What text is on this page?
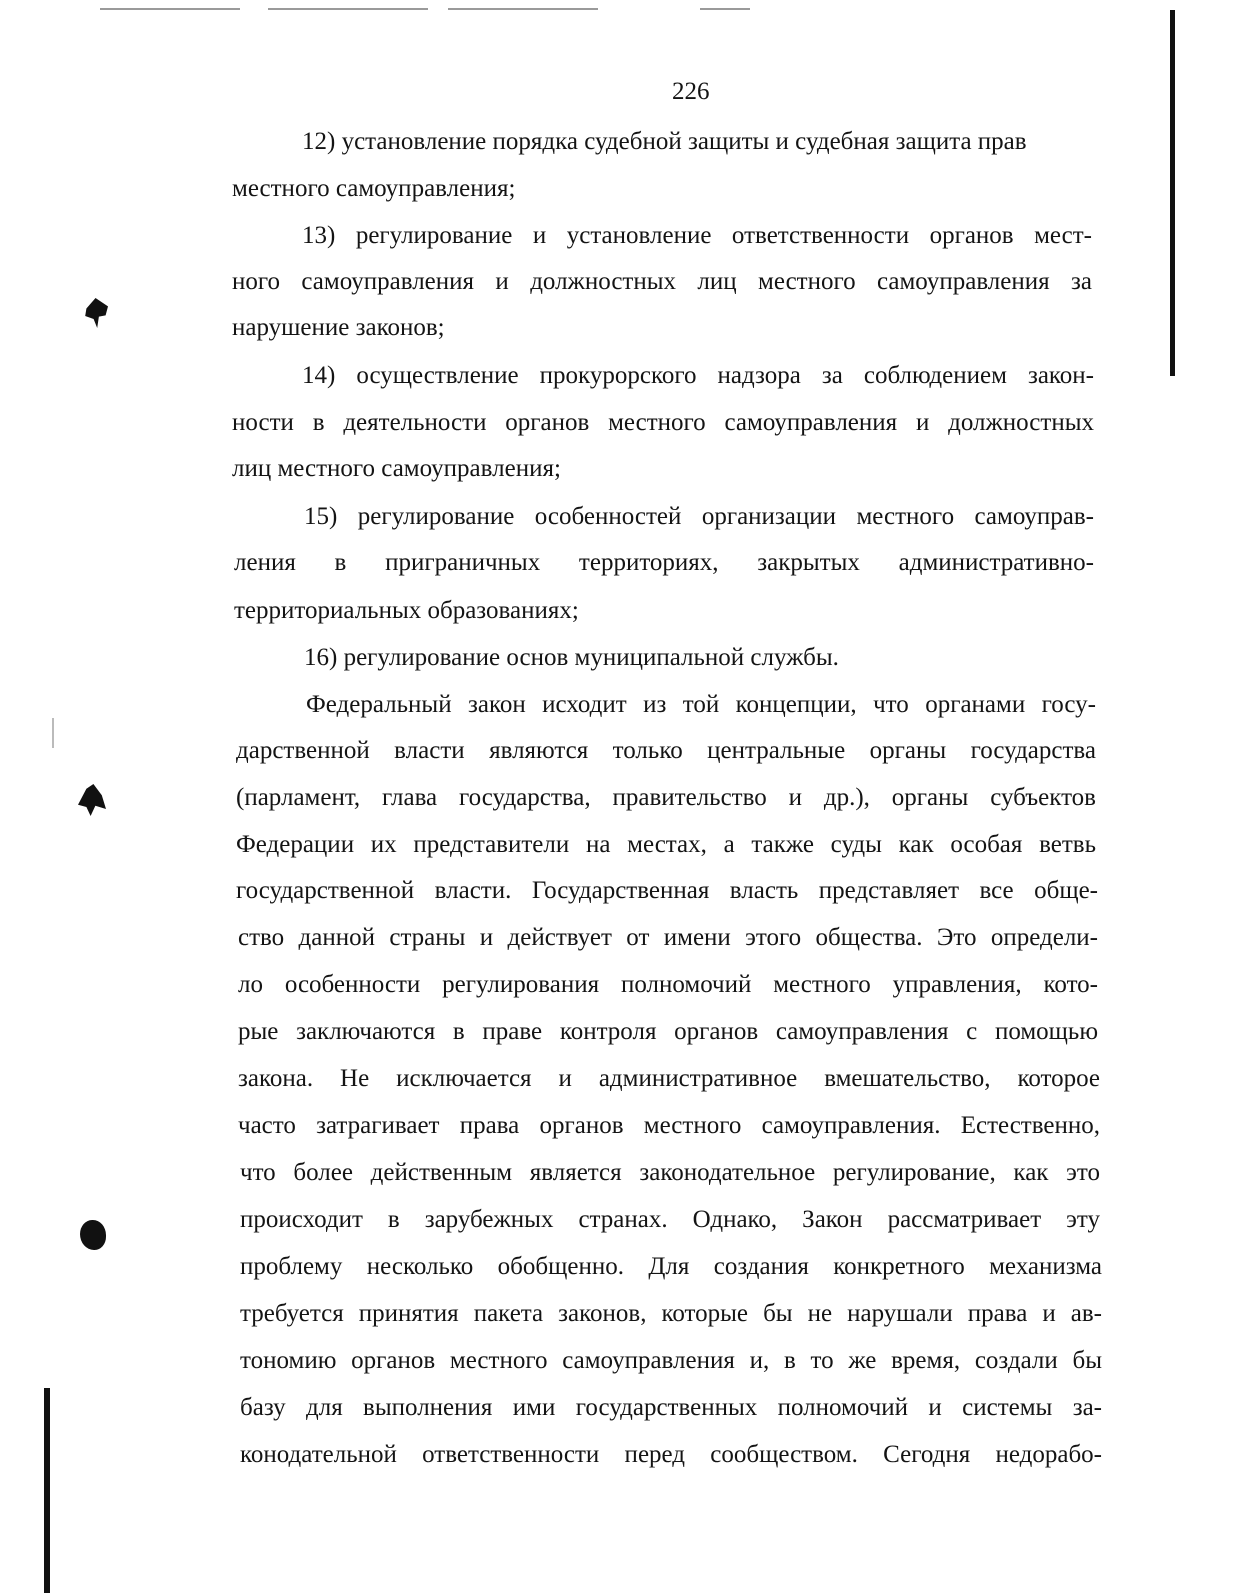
226
12) установление порядка судебной защиты и судебная защита прав
местного самоуправления;
13) регулирование и установление ответственности органов мест-
ного самоуправления и должностных лиц местного самоуправления за
нарушение законов;
14) осуществление прокурорского надзора за соблюдением закон-
ности в деятельности органов местного самоуправления и должностных
лиц местного самоуправления;
15) регулирование особенностей организации местного самоуправ-
ления в приграничных территориях, закрытых административно-
территориальных образованиях;
16) регулирование основ муниципальной службы.
Федеральный закон исходит из той концепции, что органами госу-
дарственной власти являются только центральные органы государства
(парламент, глава государства, правительство и др.), органы субъектов
Федерации их представители на местах, а также суды как особая ветвь
государственной власти. Государственная власть представляет все обще-
ство данной страны и действует от имени этого общества. Это определи-
ло особенности регулирования полномочий местного управления, кото-
рые заключаются в праве контроля органов самоуправления с помощью
закона. Не исключается и административное вмешательство, которое
часто затрагивает права органов местного самоуправления. Естественно,
что более действенным является законодательное регулирование, как это
происходит в зарубежных странах. Однако, Закон рассматривает эту
проблему несколько обобщенно. Для создания конкретного механизма
требуется принятия пакета законов, которые бы не нарушали права и ав-
тономию органов местного самоуправления и, в то же время, создали бы
базу для выполнения ими государственных полномочий и системы за-
конодательной ответственности перед сообществом. Сегодня недорабо-
